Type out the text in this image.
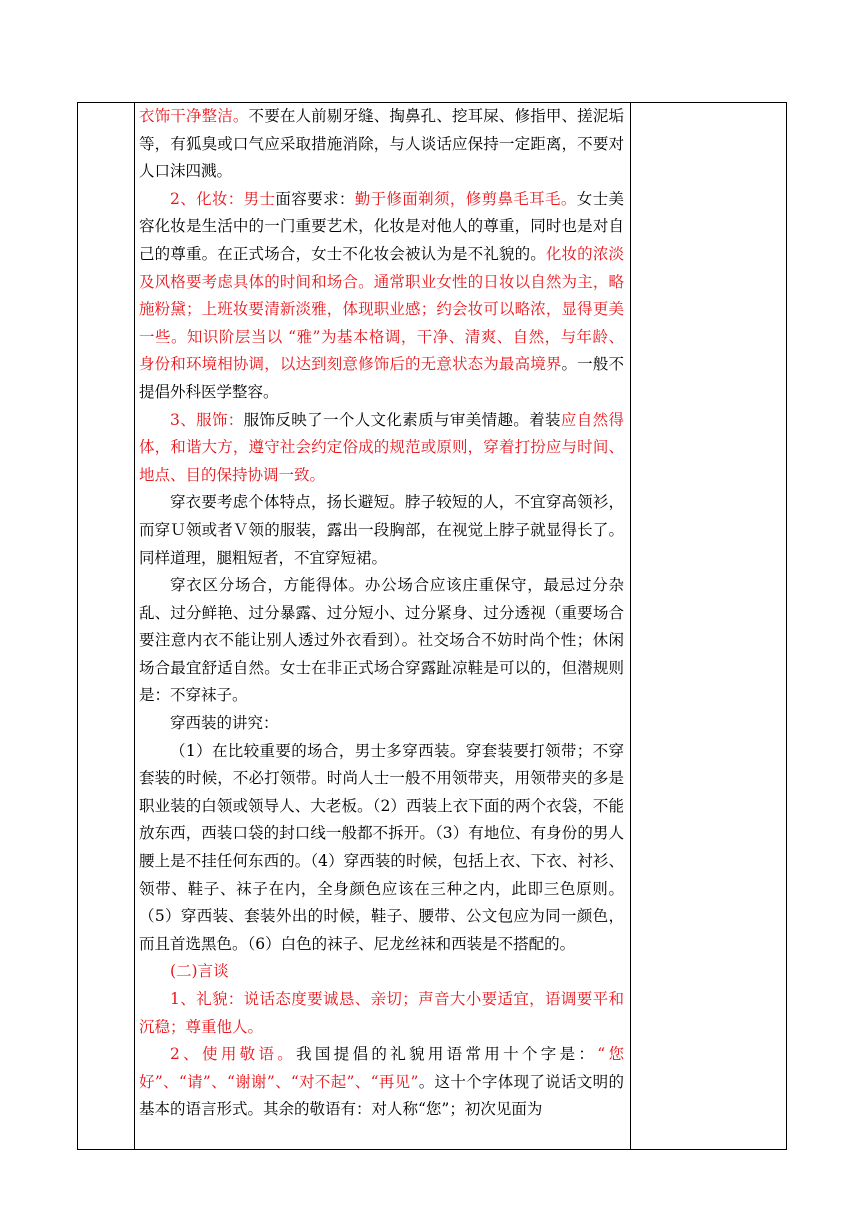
衣饰干净整洁。不要在人前剔牙缝、掏鼻孔、挖耳屎、修指甲、搓泥垢等，有狐臭或口气应采取措施消除，与人谈话应保持一定距离，不要对人口沫四溅。

2、化妆：男士面容要求：勤于修面剃须，修剪鼻毛耳毛。女士美容化妆是生活中的一门重要艺术，化妆是对他人的尊重，同时也是对自己的尊重。在正式场合，女士不化妆会被认为是不礼貌的。化妆的浓淡及风格要考虑具体的时间和场合。通常职业女性的日妆以自然为主，略施粉黛；上班妆要清新淡雅，体现职业感；约会妆可以略浓，显得更美一些。知识阶层当以 “雅”为基本格调，干净、清爽、自然，与年龄、身份和环境相协调，以达到刻意修饰后的无意状态为最高境界。一般不提倡外科医学整容。

3、服饰：服饰反映了一个人文化素质与审美情趣。着装应自然得体，和谐大方，遵守社会约定俗成的规范或原则，穿着打扮应与时间、地点、目的保持协调一致。

穿衣要考虑个体特点，扬长避短。脖子较短的人，不宜穿高领衫，而穿Ｕ领或者Ｖ领的服装，露出一段胸部，在视觉上脖子就显得长了。同样道理，腿粗短者，不宜穿短裙。

穿衣区分场合，方能得体。办公场合应该庄重保守，最忌过分杂乱、过分鲜艳、过分暴露、过分短小、过分紧身、过分透视（重要场合要注意内衣不能让别人透过外衣看到）。社交场合不妨时尚个性；休闲场合最宜舒适自然。女士在非正式场合穿露趾凉鞋是可以的，但潜规则是：不穿袜子。

穿西装的讲究：

（1）在比较重要的场合，男士多穿西装。穿套装要打领带；不穿套装的时候，不必打领带。时尚人士一般不用领带夹，用领带夹的多是职业装的白领或领导人、大老板。（2）西装上衣下面的两个衣袋，不能放东西，西装口袋的封口线一般都不拆开。（3）有地位、有身份的男人腰上是不挂任何东西的。（4）穿西装的时候，包括上衣、下衣、衬衫、领带、鞋子、袜子在内，全身颜色应该在三种之内，此即三色原则。（5）穿西装、套装外出的时候，鞋子、腰带、公文包应为同一颜色，而且首选黑色。（6）白色的袜子、尼龙丝袜和西装是不搭配的。

(二)言谈

1、礼貌：说话态度要诚恳、亲切；声音大小要适宜，语调要平和沉稳；尊重他人。

2、使用敬语。我国提倡的礼貌用语常用十个字是：“您好”、“请”、“谢谢”、“对不起”、“再见”。这十个字体现了说话文明的基本的语言形式。其余的敬语有：对人称“您”；初次见面为
